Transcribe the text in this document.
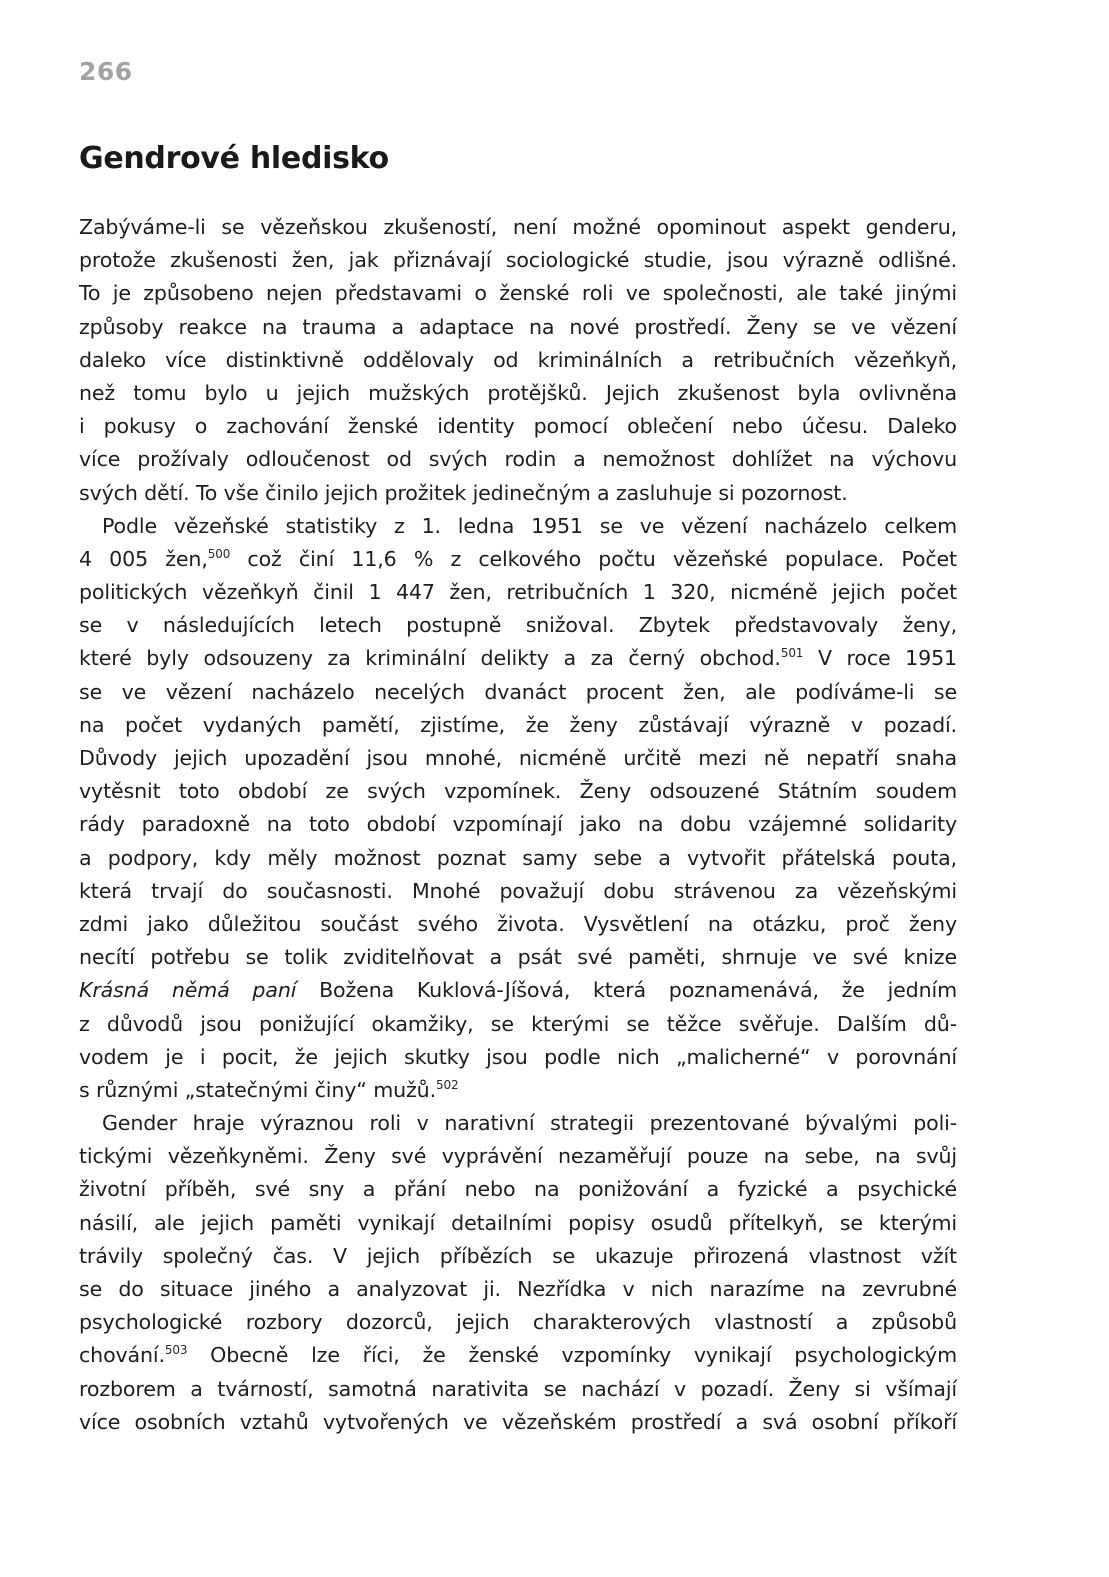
266
Gendrové hledisko
Zabýváme-li se vězeňskou zkušeností, není možné opominout aspekt genderu,
protože zkušenosti žen, jak přiznávají sociologické studie, jsou výrazně odlišné.
To je způsobeno nejen představami o ženské roli ve společnosti, ale také jinými
způsoby reakce na trauma a adaptace na nové prostředí. Ženy se ve vězení
daleko více distinktivně oddělovaly od kriminálních a retribučních vězeňkyň,
než tomu bylo u jejich mužských protějšků. Jejich zkušenost byla ovlivněna
i pokusy o zachování ženské identity pomocí oblečení nebo účesu. Daleko
více prožívaly odloučenost od svých rodin a nemožnost dohlížet na výchovu
svých dětí. To vše činilo jejich prožitek jedinečným a zasluhuje si pozornost.
Podle vězeňské statistiky z 1. ledna 1951 se ve vězení nacházelo celkem
4 005 žen,$^{500}$ což činí 11,6 % z celkového počtu vězeňské populace. Počet
politických vězeňkyň činil 1 447 žen, retribučních 1 320, nicméně jejich počet
se v následujících letech postupně snižoval. Zbytek představovaly ženy,
které byly odsouzeny za kriminální delikty a za černý obchod.$^{501}$ V roce 1951
se ve vězení nacházelo necelých dvanáct procent žen, ale podíváme-li se
na počet vydaných pamětí, zjistíme, že ženy zůstávají výrazně v pozadí.
Důvody jejich upozadění jsou mnohé, nicméně určitě mezi ně nepatří snaha
vytěsnit toto období ze svých vzpomínek. Ženy odsouzené Státním soudem
rády paradoxně na toto období vzpomínají jako na dobu vzájemné solidarity
a podpory, kdy měly možnost poznat samy sebe a vytvořit přátelská pouta,
která trvají do současnosti. Mnohé považují dobu strávenou za vězeňskými
zdmi jako důležitou součást svého života. Vysvětlení na otázku, proč ženy
necítí potřebu se tolik zviditelňovat a psát své paměti, shrnuje ve své knize
Krásná němá paní Božena Kuklová-Jíšová, která poznamenává, že jedním
z důvodů jsou ponižující okamžiky, se kterými se těžce svěřuje. Dalším dů-
vodem je i pocit, že jejich skutky jsou podle nich „malicherné“ v porovnání
s různými „statečnými činy“ mužů.$^{502}$
Gender hraje výraznou roli v narativní strategii prezentované bývalými poli-
tickými vězeňkyněmi. Ženy své vyprávění nezaměřují pouze na sebe, na svůj
životní příběh, své sny a přání nebo na ponižování a fyzické a psychické
násilí, ale jejich paměti vynikají detailními popisy osudů přítelkyň, se kterými
trávily společný čas. V jejich příbězích se ukazuje přirozená vlastnost vžít
se do situace jiného a analyzovat ji. Nezřídka v nich narazíme na zevrubné
psychologické rozbory dozorců, jejich charakterových vlastností a způsobů
chování.$^{503}$ Obecně lze říci, že ženské vzpomínky vynikají psychologickým
rozborem a tvárností, samotná narativita se nachází v pozadí. Ženy si všímají
více osobních vztahů vytvořených ve vězeňském prostředí a svá osobní příkoří
